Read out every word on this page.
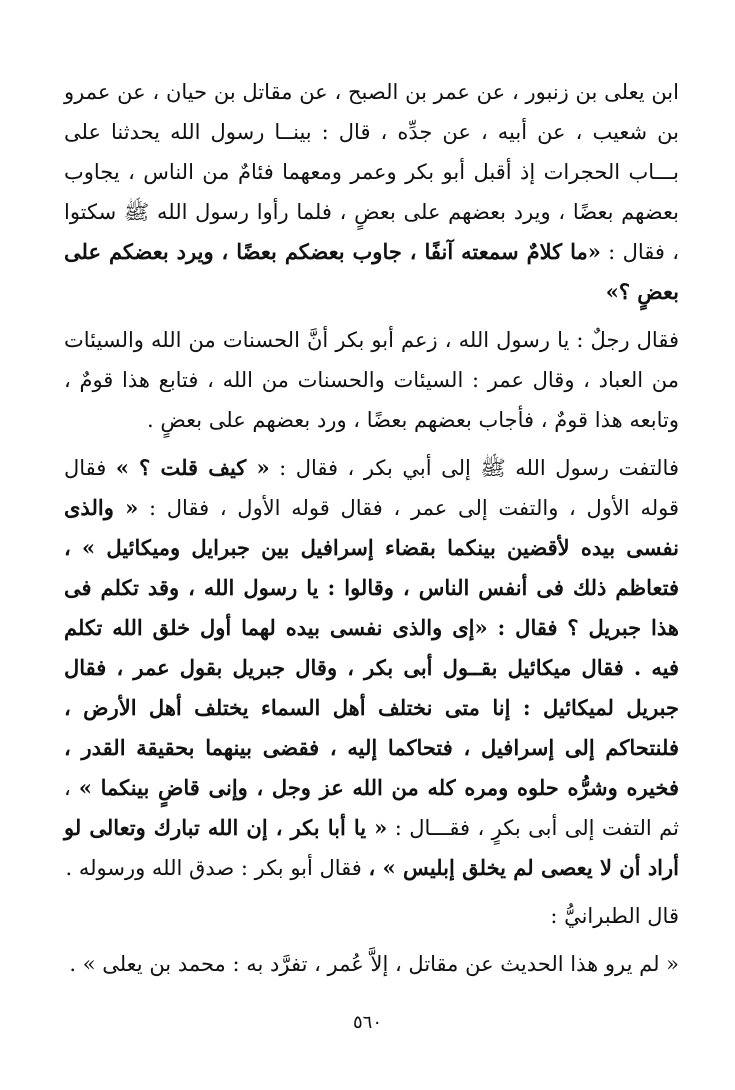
ابن يعلى بن زنبور ، عن عمر بن الصبح ، عن مقاتل بن حيان ، عن عمرو بن شعيب ، عن أبيه ، عن جدِّه ، قال : بينــا رسول الله يحدثنا على بـــاب الحجرات إذ أقبل أبو بكر وعمر ومعهما فئامٌ من الناس ، يجاوب بعضهم بعضًا ، ويرد بعضهم على بعضٍ ، فلما رأوا رسول الله ﷺ سكتوا ، فقال : «ما كلامٌ سمعته آنفًا ، جاوب بعضكم بعضًا ، ويرد بعضكم على بعضٍ ؟»

فقال رجلٌ : يا رسول الله ، زعم أبو بكر أنَّ الحسنات من الله والسيئات من العباد ، وقال عمر : السيئات والحسنات من الله ، فتابع هذا قومٌ ، وتابعه هذا قومٌ ، فأجاب بعضهم بعضًا ، ورد بعضهم على بعضٍ .

فالتفت رسول الله ﷺ إلى أبي بكر ، فقال : « كيف قلت ؟ » فقال قوله الأول ، والتفت إلى عمر ، فقال قوله الأول ، فقال : « والذى نفسى بيده لأقضين بينكما بقضاء إسرافيل بين جبرايل وميكائيل » ، فتعاظم ذلك فى أنفس الناس ، وقالوا : يا رسول الله ، وقد تكلم فى هذا جبريل ؟ فقال : «إى والذى نفسى بيده لهما أول خلق الله تكلم فيه . فقال ميكائيل بقــول أبى بكر ، وقال جبريل بقول عمر ، فقال جبريل لميكائيل : إنا متى نختلف أهل السماء يختلف أهل الأرض ، فلنتحاكم إلى إسرافيل ، فتحاكما إليه ، فقضى بينهما بحقيقة القدر ، فخيره وشرُّه حلوه ومره كله من الله عز وجل ، وإنى قاضٍ بينكما » ، ثم التفت إلى أبى بكرٍ ، فقـــال : « يا أبا بكر ، إن الله تبارك وتعالى لو أراد أن لا يعصى لم يخلق إبليس » ، فقال أبو بكر : صدق الله ورسوله .

قال الطبرانيُّ :

« لم يرو هذا الحديث عن مقاتل ، إلاَّ عُمر ، تفرَّد به : محمد بن يعلى » .

٥٦٠
